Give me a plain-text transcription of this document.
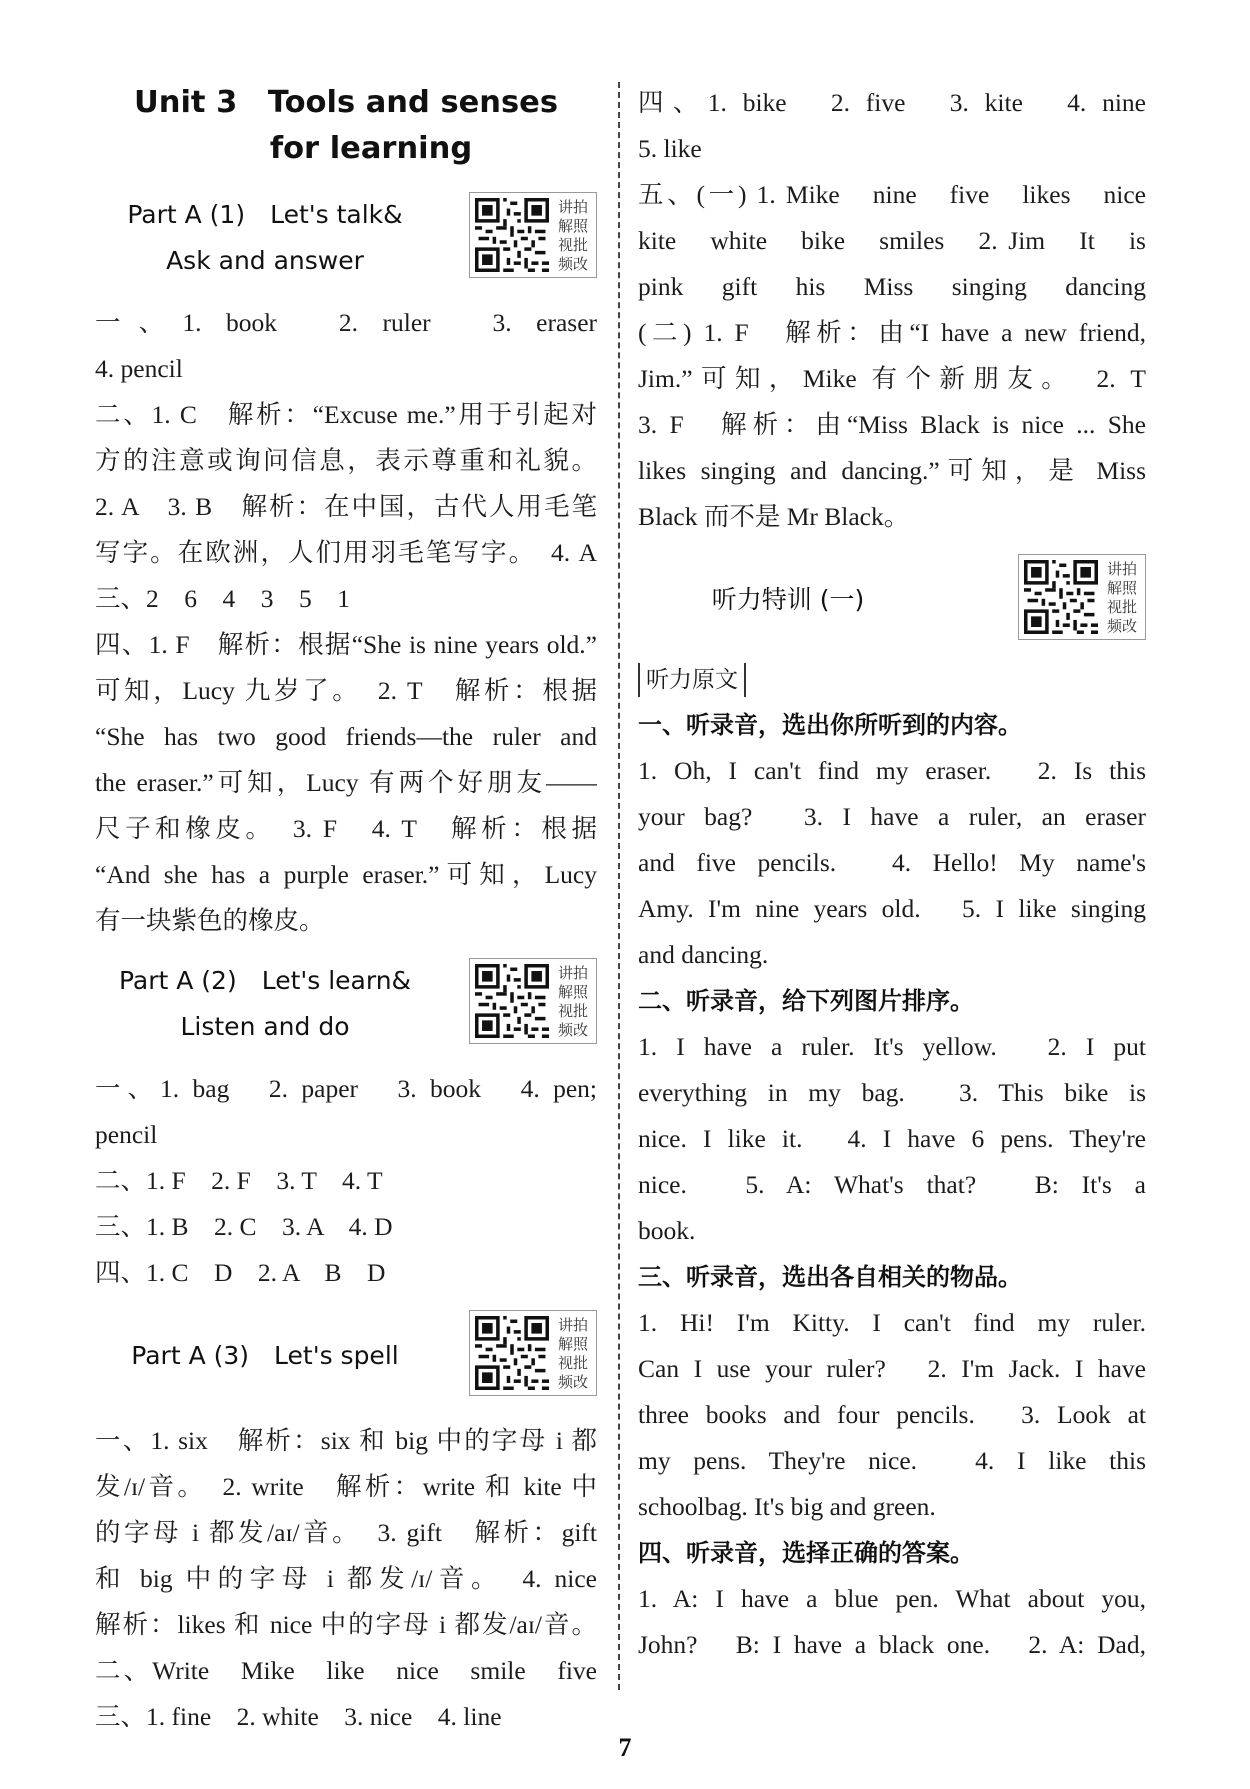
Unit 3　Tools and senses
for learning
Part A (1)　Let's talk&
Ask and answer
讲拍解照视批频改
一、1. book　2. ruler　3. eraser
4. pencil
二、1. C　解析：“Excuse me.”用于引起对
方的注意或询问信息，表示尊重和礼貌。
2. A　3. B　解析：在中国，古代人用毛笔
写字。在欧洲，人们用羽毛笔写字。　4. A
三、2　6　4　3　5　1
四、1. F　解析：根据“She is nine years old.”
可知，Lucy 九岁了。　2. T　解析：根据
“She has two good friends—the ruler and
the eraser.”可知，Lucy 有两个好朋友——
尺子和橡皮。　3. F　4. T　解析：根据
“And she has a purple eraser.”可知，Lucy
有一块紫色的橡皮。
Part A (2)　Let's learn&
Listen and do
讲拍解照视批频改
一、1. bag　2. paper　3. book　4. pen;
pencil
二、1. F　2. F　3. T　4. T
三、1. B　2. C　3. A　4. D
四、1. C　D　2. A　B　D
Part A (3)　Let's spell
讲拍解照视批频改
一、1. six　解析：six 和 big 中的字母 i 都
发/ɪ/音。　2. write　解析：write 和 kite 中
的字母 i 都发/aɪ/音。　3. gift　解析：gift
和 big 中的字母 i 都发/ɪ/音。　4. nice
解析：likes 和 nice 中的字母 i 都发/aɪ/音。
二、Write　Mike　like　nice　smile　five
三、1. fine　2. white　3. nice　4. line
四、1. bike　2. five　3. kite　4. nine
5. like
五、(一) 1. Mike　nine　five　likes　nice
kite　white　bike　smiles　2. Jim　It　is
pink　gift　his　Miss　singing　dancing
(二) 1. F　解析：由“I have a new friend,
Jim.”可知，Mike 有个新朋友。　2. T
3. F　解析：由“Miss Black is nice ... She
likes singing and dancing.”可知，是 Miss
Black 而不是 Mr Black。
听力特训 (一)
讲拍解照视批频改
听力原文
一、听录音，选出你所听到的内容。
1. Oh, I can't find my eraser.　2. Is this
your bag?　3. I have a ruler, an eraser
and five pencils.　4. Hello! My name's
Amy. I'm nine years old.　5. I like singing
and dancing.
二、听录音，给下列图片排序。
1. I have a ruler. It's yellow.　2. I put
everything in my bag.　3. This bike is
nice. I like it.　4. I have 6 pens. They're
nice.　5. A: What's that?　B: It's a
book.
三、听录音，选出各自相关的物品。
1. Hi! I'm Kitty. I can't find my ruler.
Can I use your ruler?　2. I'm Jack. I have
three books and four pencils.　3. Look at
my pens. They're nice.　4. I like this
schoolbag. It's big and green.
四、听录音，选择正确的答案。
1. A: I have a blue pen. What about you,
John?　B: I have a black one.　2. A: Dad,
7
